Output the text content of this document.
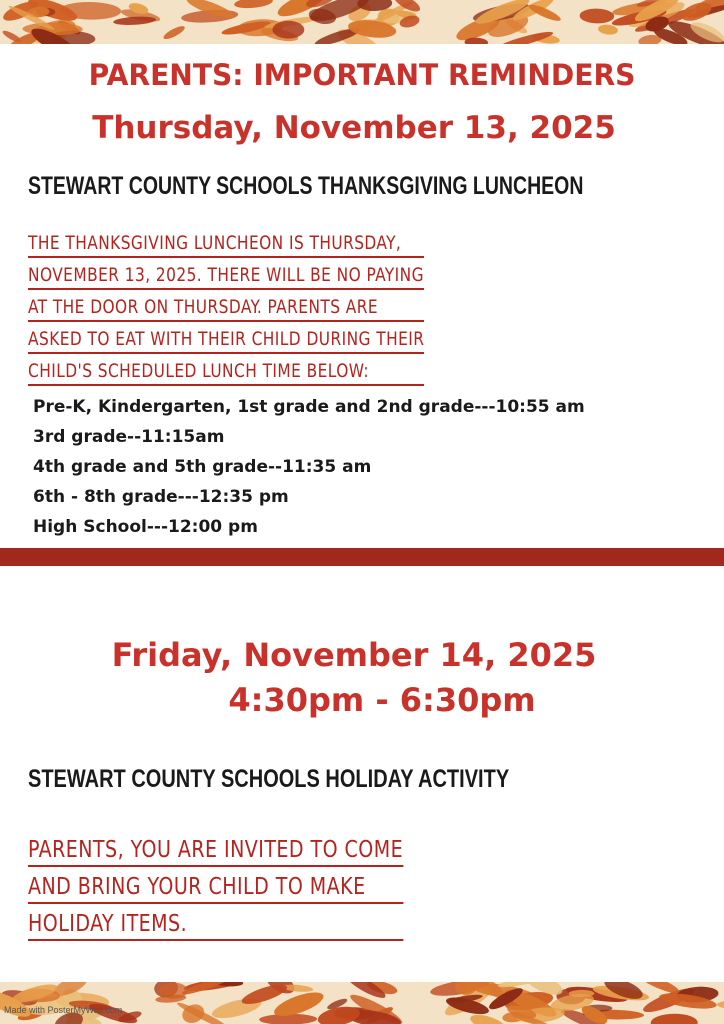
PARENTS: IMPORTANT REMINDERS
Thursday, November 13, 2025
STEWART COUNTY SCHOOLS THANKSGIVING LUNCHEON
THE THANKSGIVING LUNCHEON IS THURSDAY,
NOVEMBER 13, 2025. THERE WILL BE NO PAYING
AT THE DOOR ON THURSDAY. PARENTS ARE
ASKED TO EAT WITH THEIR CHILD DURING THEIR
CHILD'S SCHEDULED LUNCH TIME BELOW:
Pre-K, Kindergarten, 1st grade and 2nd grade---10:55 am
3rd grade--11:15am
4th grade and 5th grade--11:35 am
6th - 8th grade---12:35 pm
High School---12:00 pm
Friday, November 14, 2025
4:30pm - 6:30pm
STEWART COUNTY SCHOOLS HOLIDAY ACTIVITY
PARENTS, YOU ARE INVITED TO COME
AND BRING YOUR CHILD TO MAKE
HOLIDAY ITEMS.
Made with PosterMyWall.com
